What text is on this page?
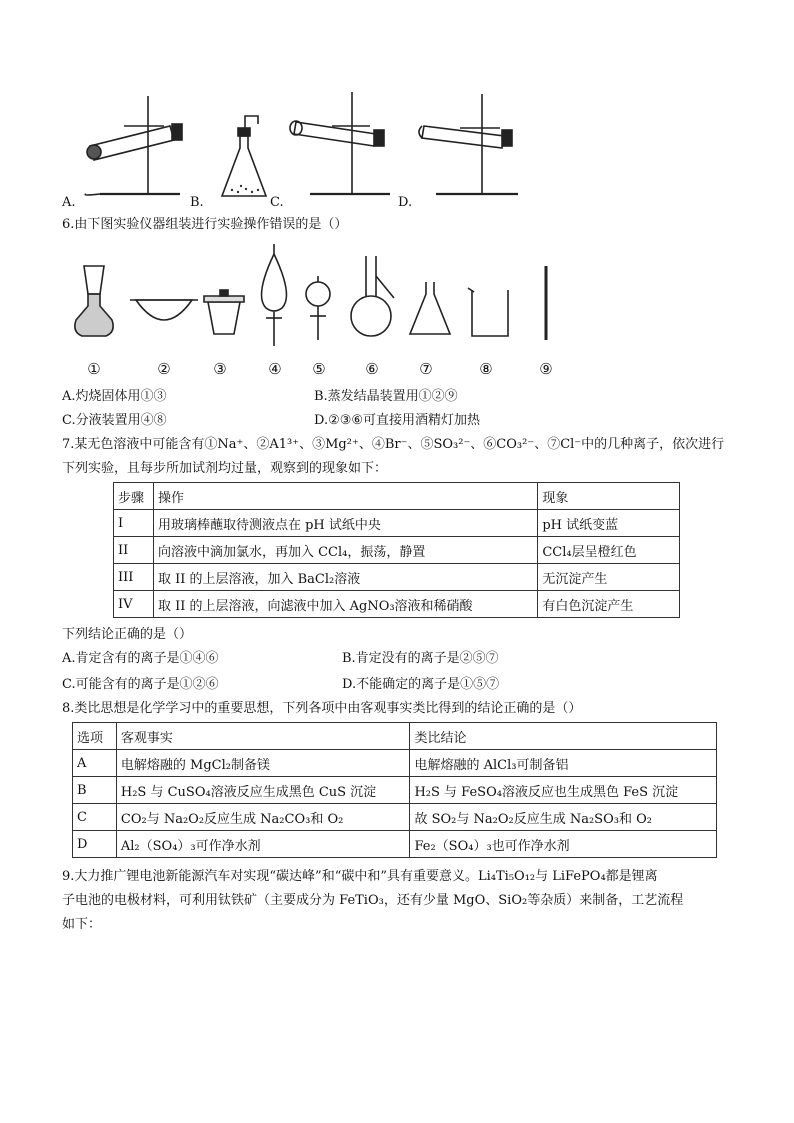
A.	B.	C.	D.
6.由下图实验仪器组装进行实验操作错误的是（）
①	②	③	④	⑤	⑥	⑦	⑧	⑨
A.灼烧固体用①③	B.蒸发结晶装置用①②⑨
C.分液装置用④⑧	D.②③⑥可直接用酒精灯加热
7.某无色溶液中可能含有①Na⁺、②A1³⁺、③Mg²⁺、④Br⁻、⑤SO₃²⁻、⑥CO₃²⁻、⑦Cl⁻中的几种离子，依次进行
下列实验，且每步所加试剂均过量，观察到的现象如下：
步骤	操作	现象
I	用玻璃棒蘸取待测液点在 pH 试纸中央	pH 试纸变蓝
II	向溶液中滴加氯水，再加入 CCl₄，振荡，静置	CCl₄层呈橙红色
III	取 II 的上层溶液，加入 BaCl₂溶液	无沉淀产生
IV	取 II 的上层溶液，向滤液中加入 AgNO₃溶液和稀硝酸	有白色沉淀产生
下列结论正确的是（）
A.肯定含有的离子是①④⑥	B.肯定没有的离子是②⑤⑦
C.可能含有的离子是①②⑥	D.不能确定的离子是①⑤⑦
8.类比思想是化学学习中的重要思想，下列各项中由客观事实类比得到的结论正确的是（）
选项	客观事实	类比结论
A	电解熔融的 MgCl₂制备镁	电解熔融的 AlCl₃可制备铝
B	H₂S 与 CuSO₄溶液反应生成黑色 CuS 沉淀	H₂S 与 FeSO₄溶液反应也生成黑色 FeS 沉淀
C	CO₂与 Na₂O₂反应生成 Na₂CO₃和 O₂	故 SO₂与 Na₂O₂反应生成 Na₂SO₃和 O₂
D	Al₂（SO₄）₃可作净水剂	Fe₂（SO₄）₃也可作净水剂
9.大力推广锂电池新能源汽车对实现“碳达峰”和“碳中和”具有重要意义。Li₄Ti₅O₁₂与 LiFePO₄都是锂离
子电池的电极材料，可利用钛铁矿（主要成分为 FeTiO₃，还有少量 MgO、SiO₂等杂质）来制备，工艺流程
如下：
